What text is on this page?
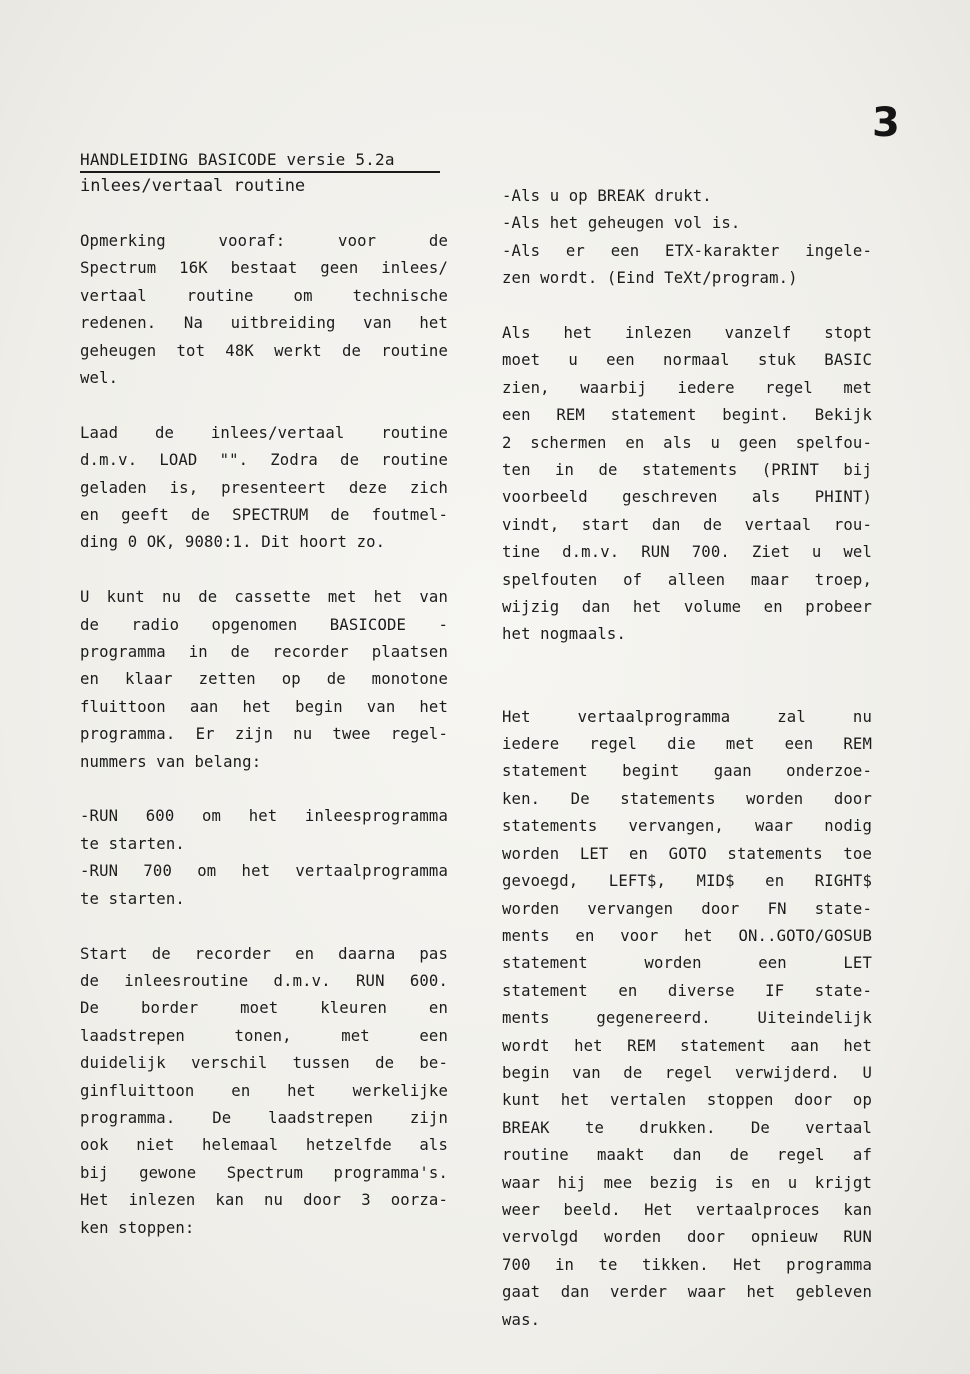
3
HANDLEIDING BASICODE versie 5.2a
inlees/vertaal routine
Opmerking vooraf: voor de
Spectrum 16K bestaat geen inlees/
vertaal routine om technische
redenen. Na uitbreiding van het
geheugen tot 48K werkt de routine
wel.
Laad de inlees/vertaal routine
d.m.v. LOAD "". Zodra de routine
geladen is, presenteert deze zich
en geeft de SPECTRUM de foutmel-
ding 0 OK, 9080:1. Dit hoort zo.
U kunt nu de cassette met het van
de radio opgenomen BASICODE -
programma in de recorder plaatsen
en klaar zetten op de monotone
fluittoon aan het begin van het
programma. Er zijn nu twee regel-
nummers van belang:
-RUN 600 om het inleesprogramma
te starten.
-RUN 700 om het vertaalprogramma
te starten.
Start de recorder en daarna pas
de inleesroutine d.m.v. RUN 600.
De border moet kleuren en
laadstrepen tonen, met een
duidelijk verschil tussen de be-
ginfluittoon en het werkelijke
programma. De laadstrepen zijn
ook niet helemaal hetzelfde als
bij gewone Spectrum programma's.
Het inlezen kan nu door 3 oorza-
ken stoppen:
-Als u op BREAK drukt.
-Als het geheugen vol is.
-Als er een ETX-karakter ingele-
zen wordt. (Eind TeXt/program.)
Als het inlezen vanzelf stopt
moet u een normaal stuk BASIC
zien, waarbij iedere regel met
een REM statement begint. Bekijk
2 schermen en als u geen spelfou-
ten in de statements (PRINT bij
voorbeeld geschreven als PHINT)
vindt, start dan de vertaal rou-
tine d.m.v. RUN 700. Ziet u wel
spelfouten of alleen maar troep,
wijzig dan het volume en probeer
het nogmaals.
Het vertaalprogramma zal nu
iedere regel die met een REM
statement begint gaan onderzoe-
ken. De statements worden door
statements vervangen, waar nodig
worden LET en GOTO statements toe
gevoegd, LEFT$, MID$ en RIGHT$
worden vervangen door FN state-
ments en voor het ON..GOTO/GOSUB
statement worden een LET
statement en diverse IF state-
ments gegenereerd. Uiteindelijk
wordt het REM statement aan het
begin van de regel verwijderd. U
kunt het vertalen stoppen door op
BREAK te drukken. De vertaal
routine maakt dan de regel af
waar hij mee bezig is en u krijgt
weer beeld. Het vertaalproces kan
vervolgd worden door opnieuw RUN
700 in te tikken. Het programma
gaat dan verder waar het gebleven
was.
